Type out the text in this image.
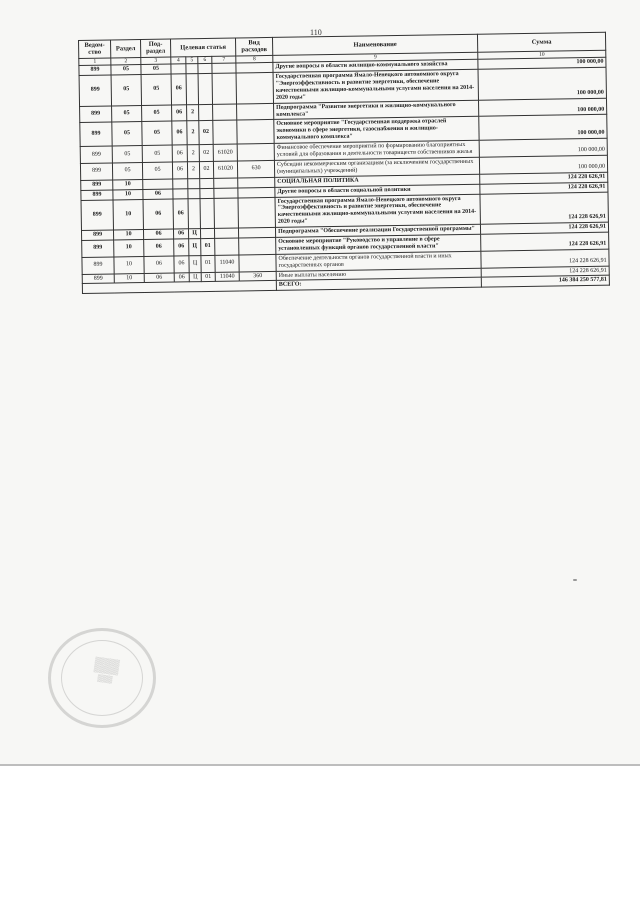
110
Ведом-ство	Раздел	Под-раздел	Целевая статья				Вид расходов	Наименование	Сумма
1	2	3	4	5	6	7	8	9	10
899	05	05						Другие вопросы в области жилищно-коммунального хозяйства	100 000,00
899	05	05	06					Государственная программа Ямало-Ненецкого автономного округа "Энергоэффективность и развитие энергетики, обеспечение качественными жилищно-коммунальными услугами населения на 2014-2020 годы"	100 000,00
899	05	05	06	2				Подпрограмма "Развитие энергетики и жилищно-коммунального комплекса"	100 000,00
899	05	05	06	2	02			Основное мероприятие "Государственная поддержка отраслей экономики в сфере энергетики, газоснабжения и жилищно-коммунального комплекса"	100 000,00
899	05	05	06	2	02	61020		Финансовое обеспечение мероприятий по формированию благоприятных условий для образования и деятельности товариществ собственников жилья	100 000,00
899	05	05	06	2	02	61020	630	Субсидии некоммерческим организациям (за исключением государственных (муниципальных) учреждений)	100 000,00
899	10							СОЦИАЛЬНАЯ ПОЛИТИКА	124 228 626,91
899	10	06						Другие вопросы в области социальной политики	124 228 626,91
899	10	06	06					Государственная программа Ямало-Ненецкого автономного округа "Энергоэффективность и развитие энергетики, обеспечение качественными жилищно-коммунальными услугами населения на 2014-2020 годы"	124 228 626,91
899	10	06	06	Ц				Подпрограмма "Обеспечение реализации Государственной программы"	124 228 626,91
899	10	06	06	Ц	01			Основное мероприятие "Руководство и управление в сфере установленных функций органов государственной власти"	124 228 626,91
899	10	06	06	Ц	01	11040		Обеспечение деятельности органов государственной власти и иных государственных органов	124 228 626,91
899	10	06	06	Ц	01	11040	360	Иные выплаты населению	124 228 626,91
								ВСЕГО:	146 384 250 577,81
▒▒▒▒▒
▒▒▒▒▒
▒▒▒
